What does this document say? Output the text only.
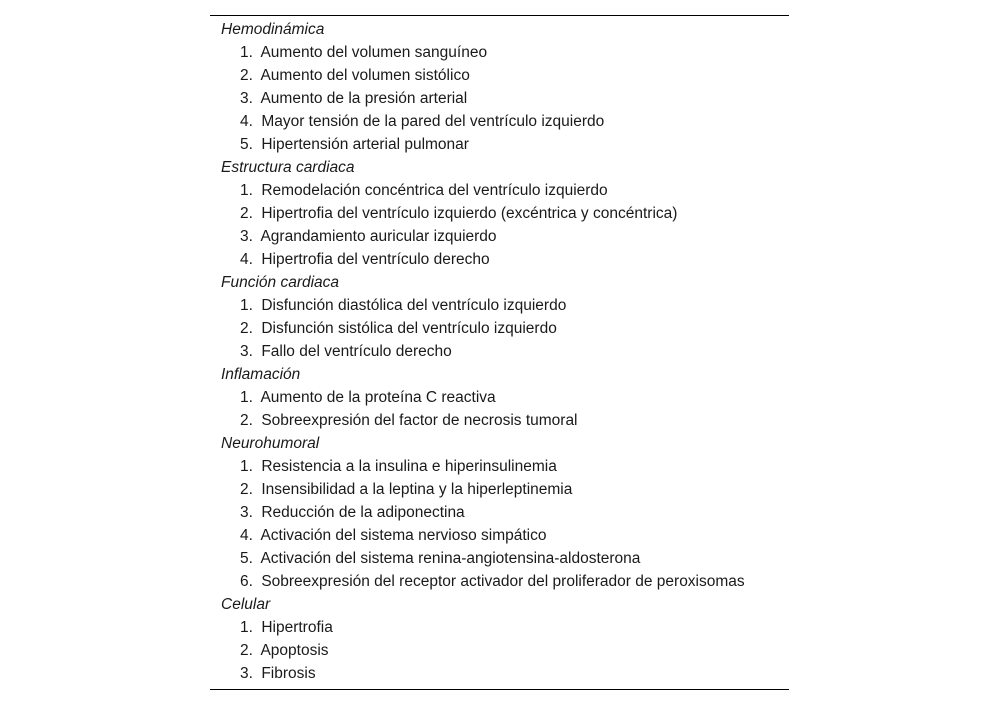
Hemodinámica
1. Aumento del volumen sanguíneo
2. Aumento del volumen sistólico
3. Aumento de la presión arterial
4. Mayor tensión de la pared del ventrículo izquierdo
5. Hipertensión arterial pulmonar
Estructura cardiaca
1. Remodelación concéntrica del ventrículo izquierdo
2. Hipertrofia del ventrículo izquierdo (excéntrica y concéntrica)
3. Agrandamiento auricular izquierdo
4. Hipertrofia del ventrículo derecho
Función cardiaca
1. Disfunción diastólica del ventrículo izquierdo
2. Disfunción sistólica del ventrículo izquierdo
3. Fallo del ventrículo derecho
Inflamación
1. Aumento de la proteína C reactiva
2. Sobreexpresión del factor de necrosis tumoral
Neurohumoral
1. Resistencia a la insulina e hiperinsulinemia
2. Insensibilidad a la leptina y la hiperleptinemia
3. Reducción de la adiponectina
4. Activación del sistema nervioso simpático
5. Activación del sistema renina-angiotensina-aldosterona
6. Sobreexpresión del receptor activador del proliferador de peroxisomas
Celular
1. Hipertrofia
2. Apoptosis
3. Fibrosis
